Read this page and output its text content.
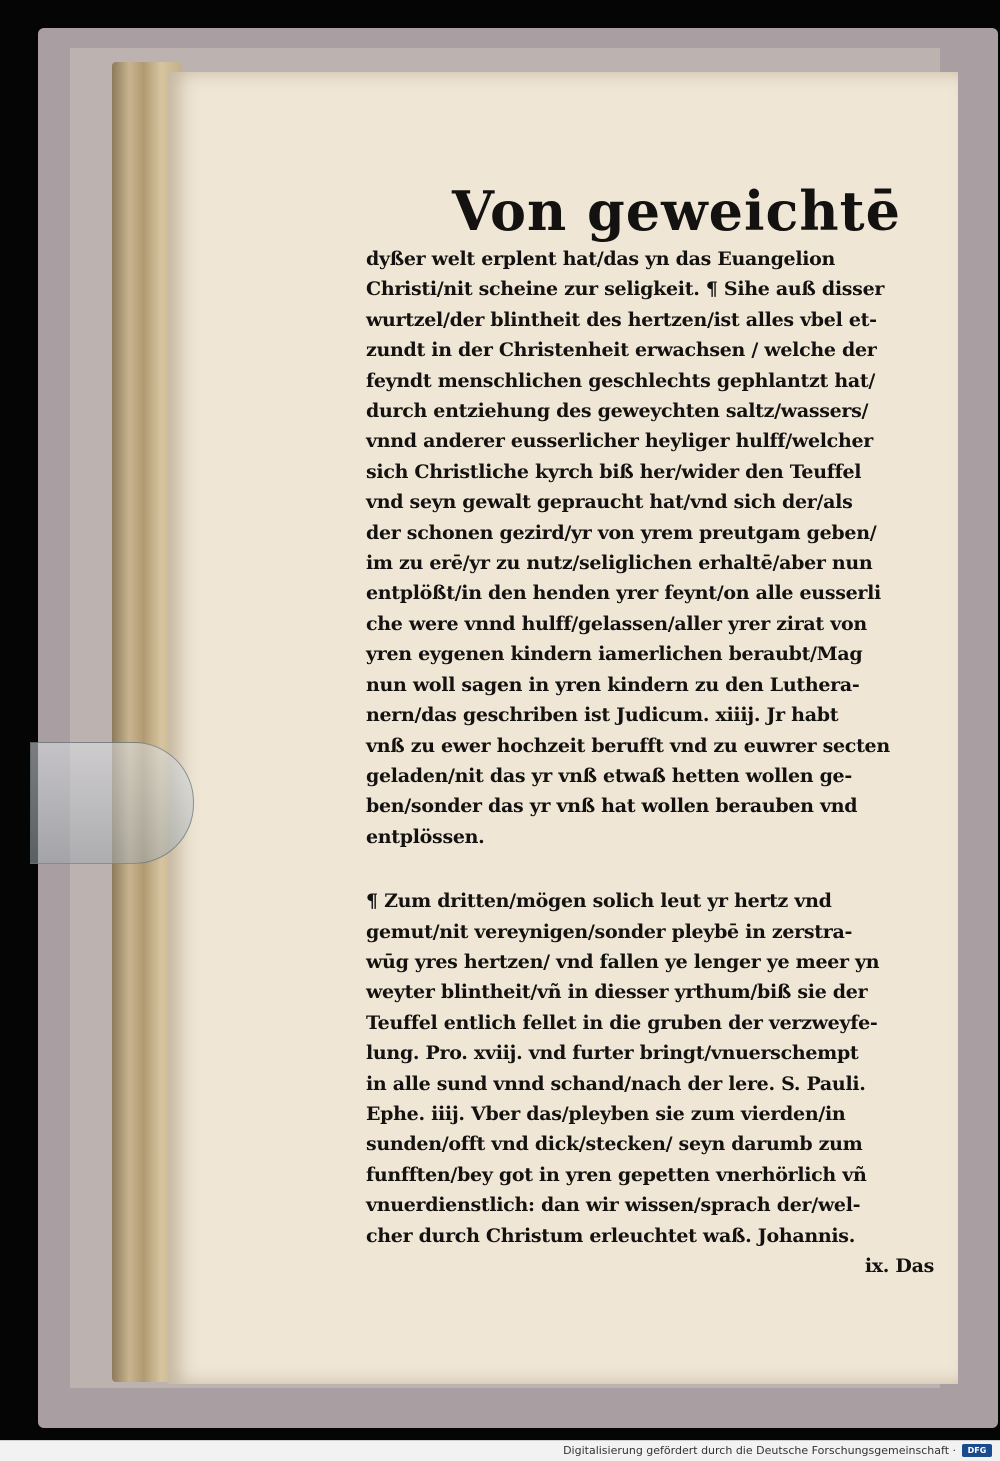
Von geweichtē
dyßer welt erplent hat/das yn das Euangelion
Christi/nit scheine zur seligkeit. ¶ Sihe auß disser
wurtzel/der blintheit des hertzen/ist alles vbel et-
zundt in der Christenheit erwachsen / welche der
feyndt menschlichen geschlechts gephlantzt hat/
durch entziehung des geweychten saltz/wassers/
vnnd anderer eusserlicher heyliger hulff/welcher
sich Christliche kyrch biß her/wider den Teuffel
vnd seyn gewalt gepraucht hat/vnd sich der/als
der schonen gezird/yr von yrem preutgam geben/
im zu erē/yr zu nutz/seliglichen erhaltē/aber nun
entplößt/in den henden yrer feynt/on alle eusserli
che were vnnd hulff/gelassen/aller yrer zirat von
yren eygenen kindern iamerlichen beraubt/Mag
nun woll sagen in yren kindern zu den Luthera-
nern/das geschriben ist Judicum. xiiij. Jr habt
vnß zu ewer hochzeit berufft vnd zu euwrer secten
geladen/nit das yr vnß etwaß hetten wollen ge-
ben/sonder das yr vnß hat wollen berauben vnd
entplössen.
¶ Zum dritten/mögen solich leut yr hertz vnd
gemut/nit vereynigen/sonder pleybē in zerstra-
wūg yres hertzen/ vnd fallen ye lenger ye meer yn
weyter blintheit/vñ in diesser yrthum/biß sie der
Teuffel entlich fellet in die gruben der verzweyfe-
lung. Pro. xviij. vnd furter bringt/vnuerschempt
in alle sund vnnd schand/nach der lere. S. Pauli.
Ephe. iiij. Vber das/pleyben sie zum vierden/in
sunden/offt vnd dick/stecken/ seyn darumb zum
funfften/bey got in yren gepetten vnerhörlich vñ
vnuerdienstlich: dan wir wissen/sprach der/wel-
cher durch Christum erleuchtet waß. Johannis.
ix. Das
Digitalisierung gefördert durch die Deutsche Forschungsgemeinschaft ·	DFG
